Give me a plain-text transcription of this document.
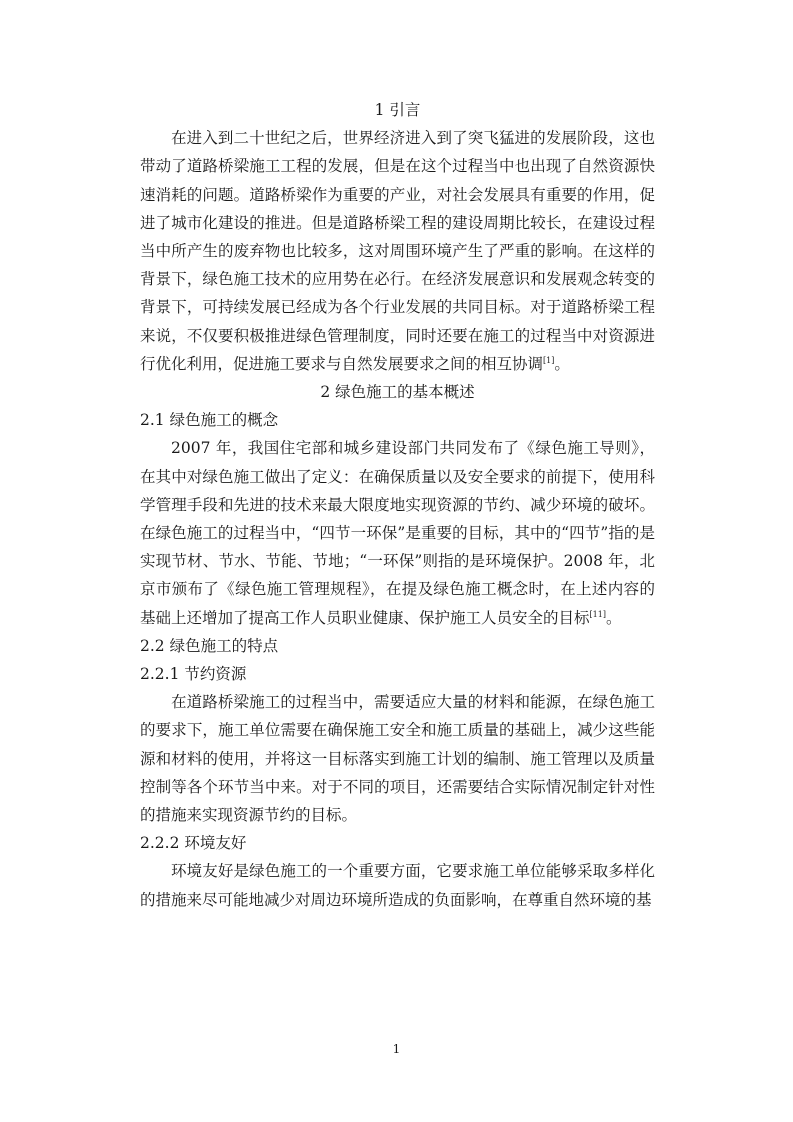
1 引言

在进入到二十世纪之后，世界经济进入到了突飞猛进的发展阶段，这也带动了道路桥梁施工工程的发展，但是在这个过程当中也出现了自然资源快速消耗的问题。道路桥梁作为重要的产业，对社会发展具有重要的作用，促进了城市化建设的推进。但是道路桥梁工程的建设周期比较长，在建设过程当中所产生的废弃物也比较多，这对周围环境产生了严重的影响。在这样的背景下，绿色施工技术的应用势在必行。在经济发展意识和发展观念转变的背景下，可持续发展已经成为各个行业发展的共同目标。对于道路桥梁工程来说，不仅要积极推进绿色管理制度，同时还要在施工的过程当中对资源进行优化利用，促进施工要求与自然发展要求之间的相互协调[1]。

2 绿色施工的基本概述
2.1 绿色施工的概念

2007 年，我国住宅部和城乡建设部门共同发布了《绿色施工导则》，在其中对绿色施工做出了定义：在确保质量以及安全要求的前提下，使用科学管理手段和先进的技术来最大限度地实现资源的节约、减少环境的破坏。在绿色施工的过程当中，“四节一环保”是重要的目标，其中的“四节”指的是实现节材、节水、节能、节地；“一环保”则指的是环境保护。2008 年，北京市颁布了《绿色施工管理规程》，在提及绿色施工概念时，在上述内容的基础上还增加了提高工作人员职业健康、保护施工人员安全的目标[11]。

2.2 绿色施工的特点
2.2.1 节约资源

在道路桥梁施工的过程当中，需要适应大量的材料和能源，在绿色施工的要求下，施工单位需要在确保施工安全和施工质量的基础上，减少这些能源和材料的使用，并将这一目标落实到施工计划的编制、施工管理以及质量控制等各个环节当中来。对于不同的项目，还需要结合实际情况制定针对性的措施来实现资源节约的目标。

2.2.2 环境友好

环境友好是绿色施工的一个重要方面，它要求施工单位能够采取多样化的措施来尽可能地减少对周边环境所造成的负面影响，在尊重自然环境的基

1
